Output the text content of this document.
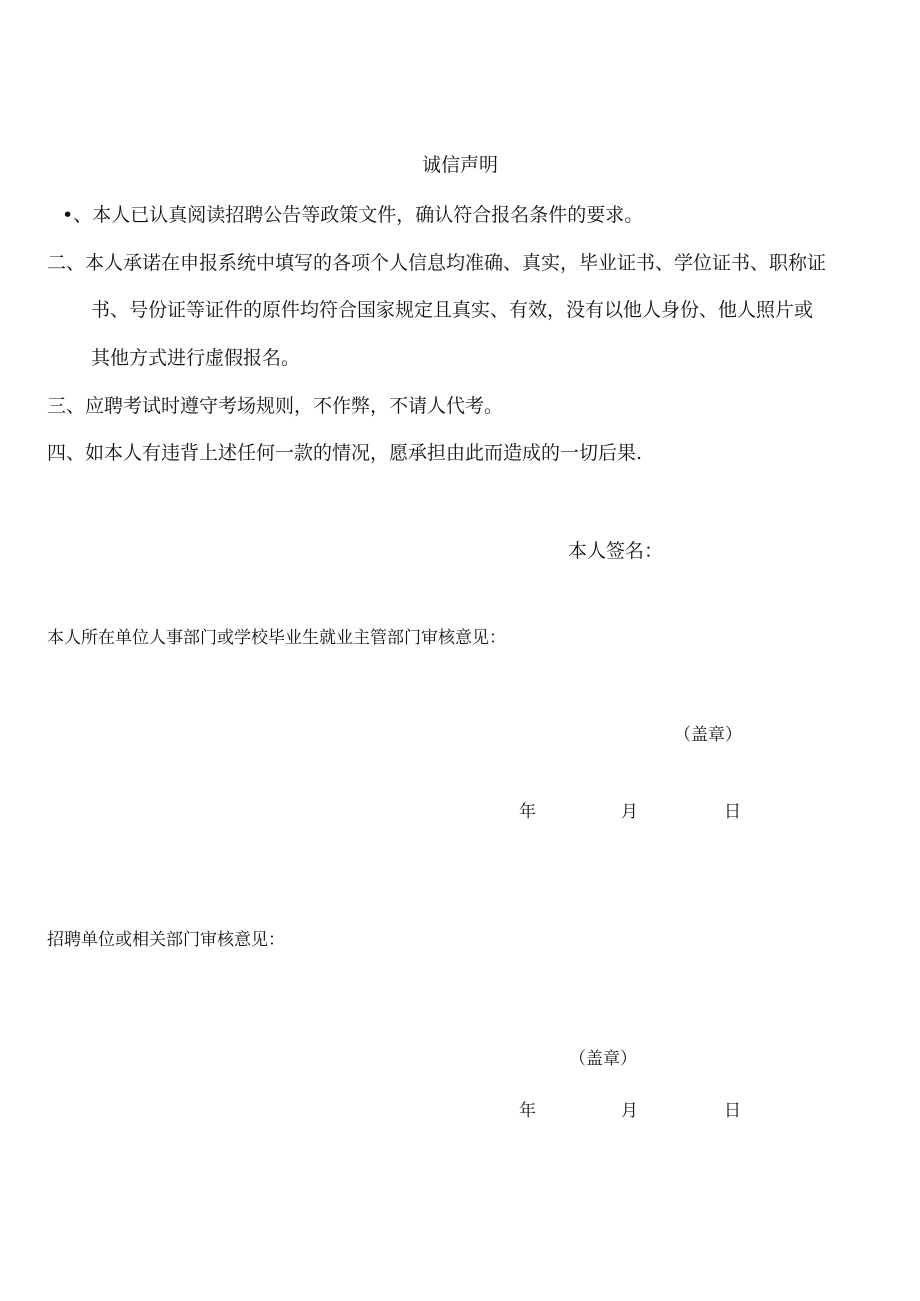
诚信声明
•、本人已认真阅读招聘公告等政策文件，确认符合报名条件的要求。
二、本人承诺在申报系统中填写的各项个人信息均准确、真实，毕业证书、学位证书、职称证
书、号份证等证件的原件均符合国家规定且真实、有效，没有以他人身份、他人照片或
其他方式进行虚假报名。
三、应聘考试时遵守考场规则，不作弊，不请人代考。
四、如本人有违背上述任何一款的情况，愿承担由此而造成的一切后果.
本人签名：
本人所在单位人事部门或学校毕业生就业主管部门审核意见：
（盖章）
年	月	日
招聘单位或相关部门审核意见：
（盖章）
年	月	日
